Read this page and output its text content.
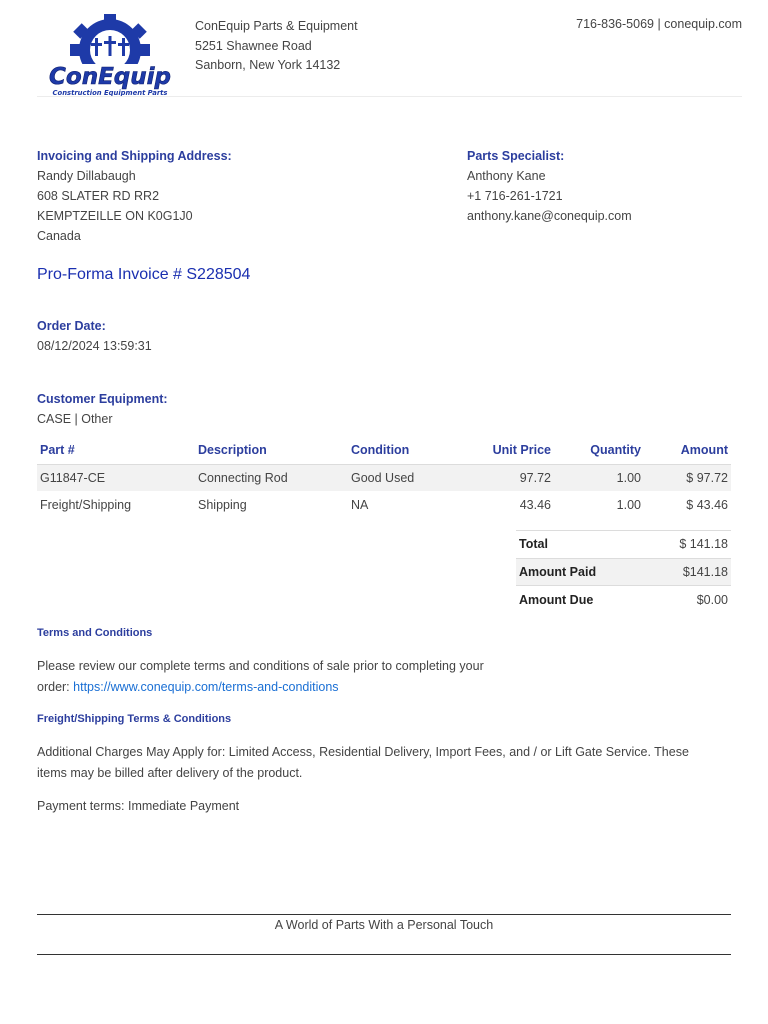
ConEquip
Construction Equipment Parts
ConEquip Parts & Equipment
5251 Shawnee Road
Sanborn, New York 14132
716-836-5069 | conequip.com
Invoicing and Shipping Address:
Randy Dillabaugh
608 SLATER RD RR2
KEMPTZEILLE ON K0G1J0
Canada
Parts Specialist:
Anthony Kane
+1 716-261-1721
anthony.kane@conequip.com
Pro-Forma Invoice # S228504
Order Date:
08/12/2024 13:59:31
Customer Equipment:
CASE | Other
Part #	Description	Condition	Unit Price	Quantity	Amount
G11847-CE	Connecting Rod	Good Used	97.72	1.00	$ 97.72
Freight/Shipping	Shipping	NA	43.46	1.00	$ 43.46
Total	$ 141.18
Amount Paid	$141.18
Amount Due	$0.00
Terms and Conditions
Please review our complete terms and conditions of sale prior to completing your order: https://www.conequip.com/terms-and-conditions
Freight/Shipping Terms & Conditions
Additional Charges May Apply for: Limited Access, Residential Delivery, Import Fees, and / or Lift Gate Service. These items may be billed after delivery of the product.
Payment terms: Immediate Payment
A World of Parts With a Personal Touch
